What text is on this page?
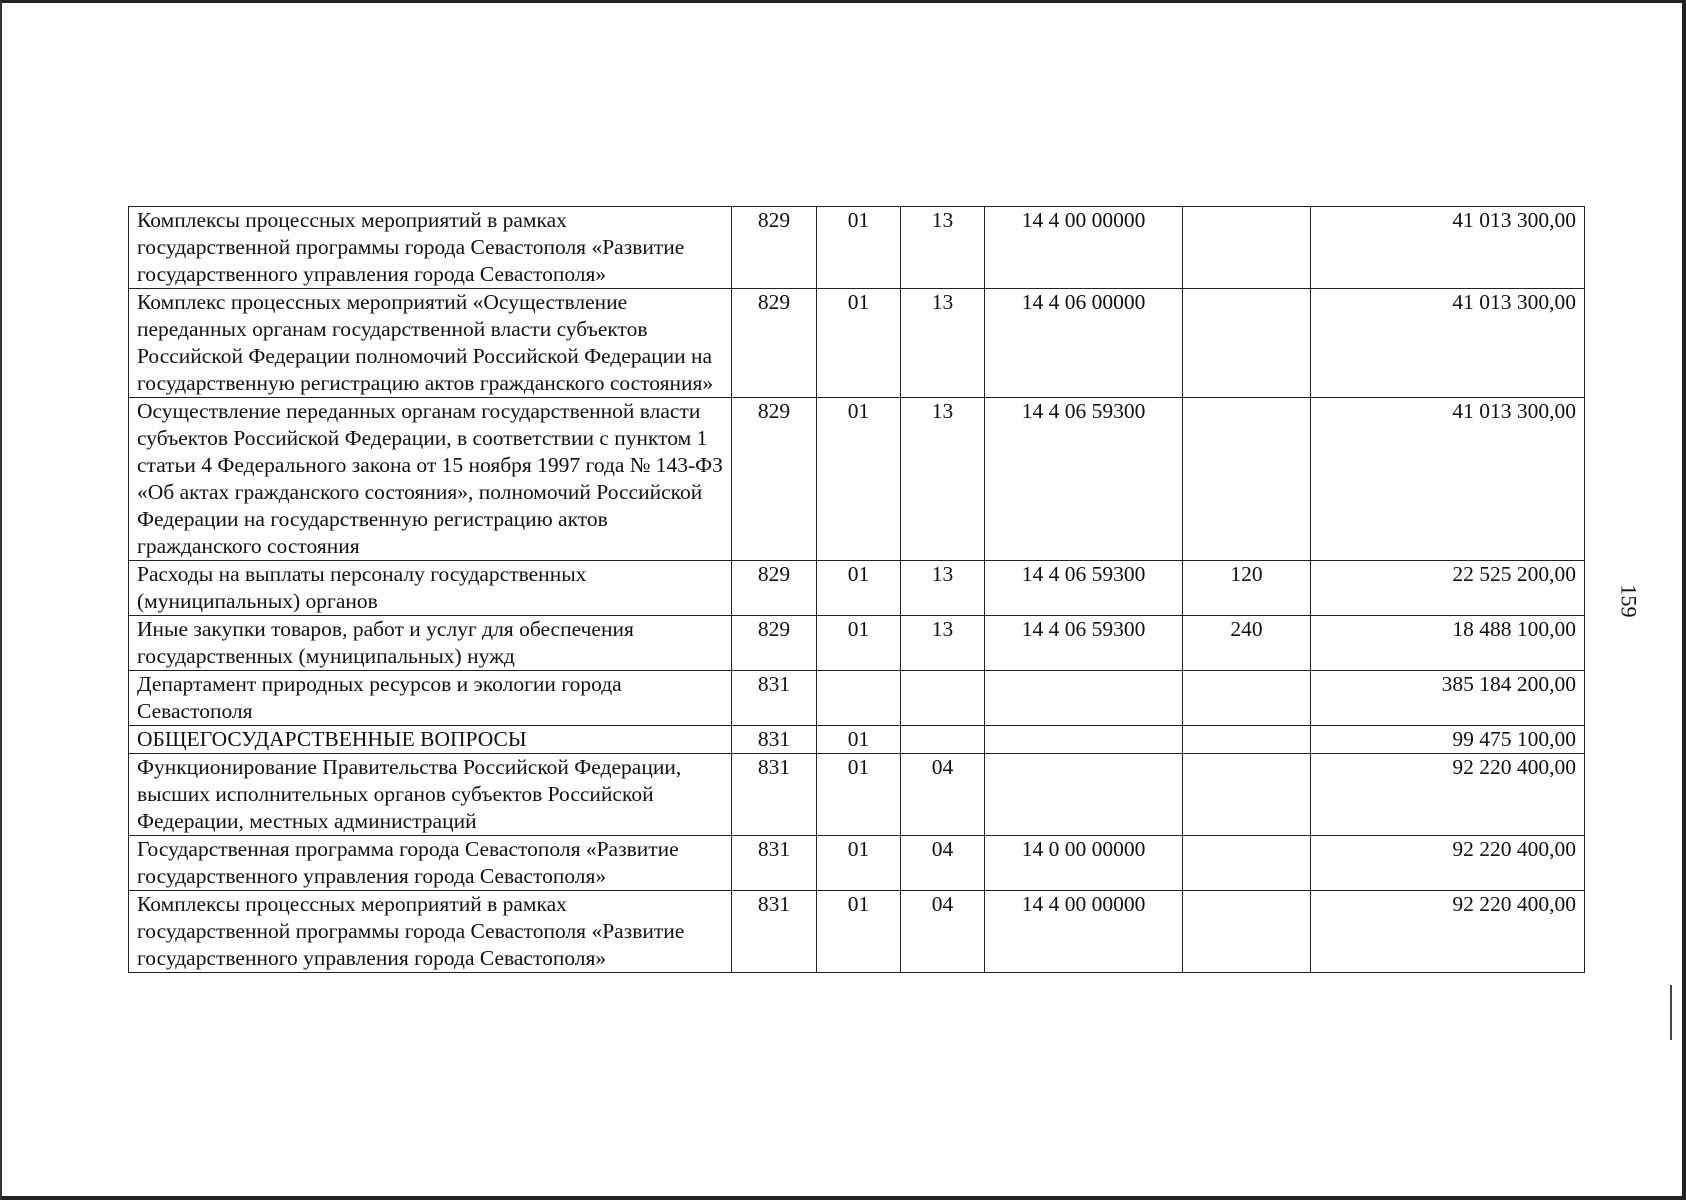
159
Комплексы процессных мероприятий в рамках государственной программы города Севастополя «Развитие государственного управления города Севастополя»	829	01	13	14 4 00 00000		41 013 300,00
Комплекс процессных мероприятий «Осуществление переданных органам государственной власти субъектов Российской Федерации полномочий Российской Федерации на государственную регистрацию актов гражданского состояния»	829	01	13	14 4 06 00000		41 013 300,00
Осуществление переданных органам государственной власти субъектов Российской Федерации, в соответствии с пунктом 1 статьи 4 Федерального закона от 15 ноября 1997 года № 143-ФЗ «Об актах гражданского состояния», полномочий Российской Федерации на государственную регистрацию актов гражданского состояния	829	01	13	14 4 06 59300		41 013 300,00
Расходы на выплаты персоналу государственных (муниципальных) органов	829	01	13	14 4 06 59300	120	22 525 200,00
Иные закупки товаров, работ и услуг для обеспечения государственных (муниципальных) нужд	829	01	13	14 4 06 59300	240	18 488 100,00
Департамент природных ресурсов и экологии города Севастополя	831					385 184 200,00
ОБЩЕГОСУДАРСТВЕННЫЕ ВОПРОСЫ	831	01				99 475 100,00
Функционирование Правительства Российской Федерации, высших исполнительных органов субъектов Российской Федерации, местных администраций	831	01	04			92 220 400,00
Государственная программа города Севастополя «Развитие государственного управления города Севастополя»	831	01	04	14 0 00 00000		92 220 400,00
Комплексы процессных мероприятий в рамках государственной программы города Севастополя «Развитие государственного управления города Севастополя»	831	01	04	14 4 00 00000		92 220 400,00
